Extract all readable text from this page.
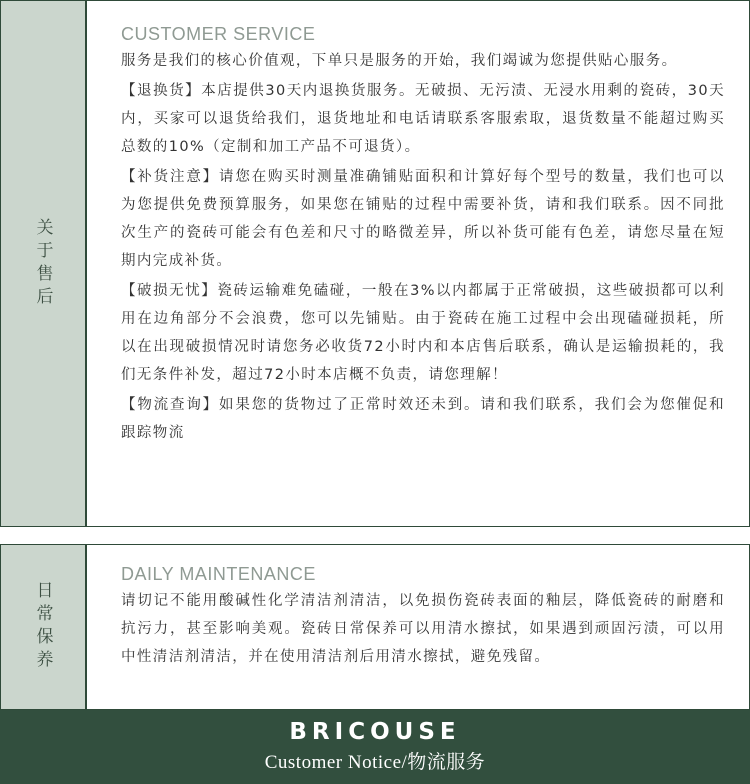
关于售后
CUSTOMER SERVICE

服务是我们的核心价值观，下单只是服务的开始，我们竭诚为您提供贴心服务。

【退换货】本店提供30天内退换货服务。无破损、无污渍、无浸水用剩的瓷砖，30天内，买家可以退货给我们，退货地址和电话请联系客服索取，退货数量不能超过购买总数的10%（定制和加工产品不可退货）。

【补货注意】请您在购买时测量准确铺贴面积和计算好每个型号的数量，我们也可以为您提供免费预算服务，如果您在铺贴的过程中需要补货，请和我们联系。因不同批次生产的瓷砖可能会有色差和尺寸的略微差异，所以补货可能有色差，请您尽量在短期内完成补货。

【破损无忧】瓷砖运输难免磕碰，一般在3%以内都属于正常破损，这些破损都可以利用在边角部分不会浪费，您可以先铺贴。由于瓷砖在施工过程中会出现磕碰损耗，所以在出现破损情况时请您务必收货72小时内和本店售后联系，确认是运输损耗的，我们无条件补发，超过72小时本店概不负责，请您理解！

【物流查询】如果您的货物过了正常时效还未到。请和我们联系，我们会为您催促和跟踪物流

日常保养
DAILY MAINTENANCE

请切记不能用酸碱性化学清洁剂清洁，以免损伤瓷砖表面的釉层，降低瓷砖的耐磨和抗污力，甚至影响美观。瓷砖日常保养可以用清水擦拭，如果遇到顽固污渍，可以用中性清洁剂清洁，并在使用清洁剂后用清水擦拭，避免残留。

BRICOUSE
Customer Notice/物流服务
